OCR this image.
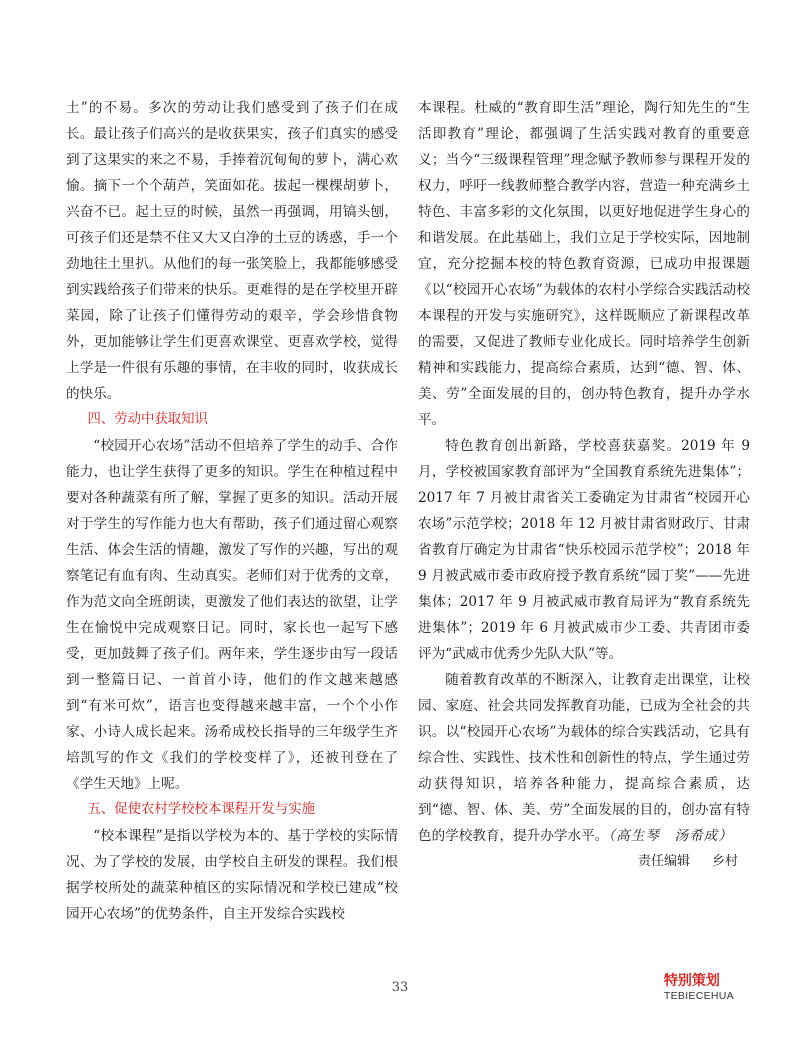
土”的不易。多次的劳动让我们感受到了孩子们在成长。最让孩子们高兴的是收获果实，孩子们真实的感受到了这果实的来之不易，手捧着沉甸甸的萝卜，满心欢愉。摘下一个个葫芦，笑面如花。拔起一棵棵胡萝卜，兴奋不已。起土豆的时候，虽然一再强调，用镐头刨，可孩子们还是禁不住又大又白净的土豆的诱惑，手一个劲地往土里扒。从他们的每一张笑脸上，我都能够感受到实践给孩子们带来的快乐。更难得的是在学校里开辟菜园，除了让孩子们懂得劳动的艰辛，学会珍惜食物外，更加能够让学生们更喜欢课堂、更喜欢学校，觉得上学是一件很有乐趣的事情，在丰收的同时，收获成长的快乐。

四、劳动中获取知识

“校园开心农场”活动不但培养了学生的动手、合作能力，也让学生获得了更多的知识。学生在种植过程中要对各种蔬菜有所了解，掌握了更多的知识。活动开展对于学生的写作能力也大有帮助，孩子们通过留心观察生活、体会生活的情趣，激发了写作的兴趣，写出的观察笔记有血有肉、生动真实。老师们对于优秀的文章，作为范文向全班朗读，更激发了他们表达的欲望，让学生在愉悦中完成观察日记。同时，家长也一起写下感受，更加鼓舞了孩子们。两年来，学生逐步由写一段话到一整篇日记、一首首小诗，他们的作文越来越感到“有米可炊”，语言也变得越来越丰富，一个个小作家、小诗人成长起来。汤希成校长指导的三年级学生齐培凯写的作文《我们的学校变样了》，还被刊登在了《学生天地》上呢。

五、促使农村学校校本课程开发与实施

“校本课程”是指以学校为本的、基于学校的实际情况、为了学校的发展，由学校自主研发的课程。我们根据学校所处的蔬菜种植区的实际情况和学校已建成“校园开心农场”的优势条件，自主开发综合实践校

本课程。杜威的“教育即生活”理论，陶行知先生的“生活即教育”理论，都强调了生活实践对教育的重要意义；当今“三级课程管理”理念赋予教师参与课程开发的权力，呼吁一线教师整合教学内容，营造一种充满乡土特色、丰富多彩的文化氛围，以更好地促进学生身心的和谐发展。在此基础上，我们立足于学校实际，因地制宜，充分挖掘本校的特色教育资源，已成功申报课题《以“校园开心农场”为载体的农村小学综合实践活动校本课程的开发与实施研究》，这样既顺应了新课程改革的需要，又促进了教师专业化成长。同时培养学生创新精神和实践能力，提高综合素质，达到“德、智、体、美、劳”全面发展的目的，创办特色教育，提升办学水平。

特色教育创出新路，学校喜获嘉奖。2019 年 9 月，学校被国家教育部评为“全国教育系统先进集体”；2017 年 7 月被甘肃省关工委确定为甘肃省“校园开心农场”示范学校；2018 年 12 月被甘肃省财政厅、甘肃省教育厅确定为甘肃省“快乐校园示范学校”；2018 年 9 月被武威市委市政府授予教育系统“园丁奖”——先进集体；2017 年 9 月被武威市教育局评为“教育系统先进集体”；2019 年 6 月被武威市少工委、共青团市委评为“武威市优秀少先队大队”等。

随着教育改革的不断深入，让教育走出课堂，让校园、家庭、社会共同发挥教育功能，已成为全社会的共识。以“校园开心农场”为载体的综合实践活动，它具有综合性、实践性、技术性和创新性的特点，学生通过劳动获得知识，培养各种能力，提高综合素质，达到“德、智、体、美、劳”全面发展的目的，创办富有特色的学校教育，提升办学水平。（高生琴　汤希成）

责任编辑 乡村

33	特别策划
TEBIECEHUA
